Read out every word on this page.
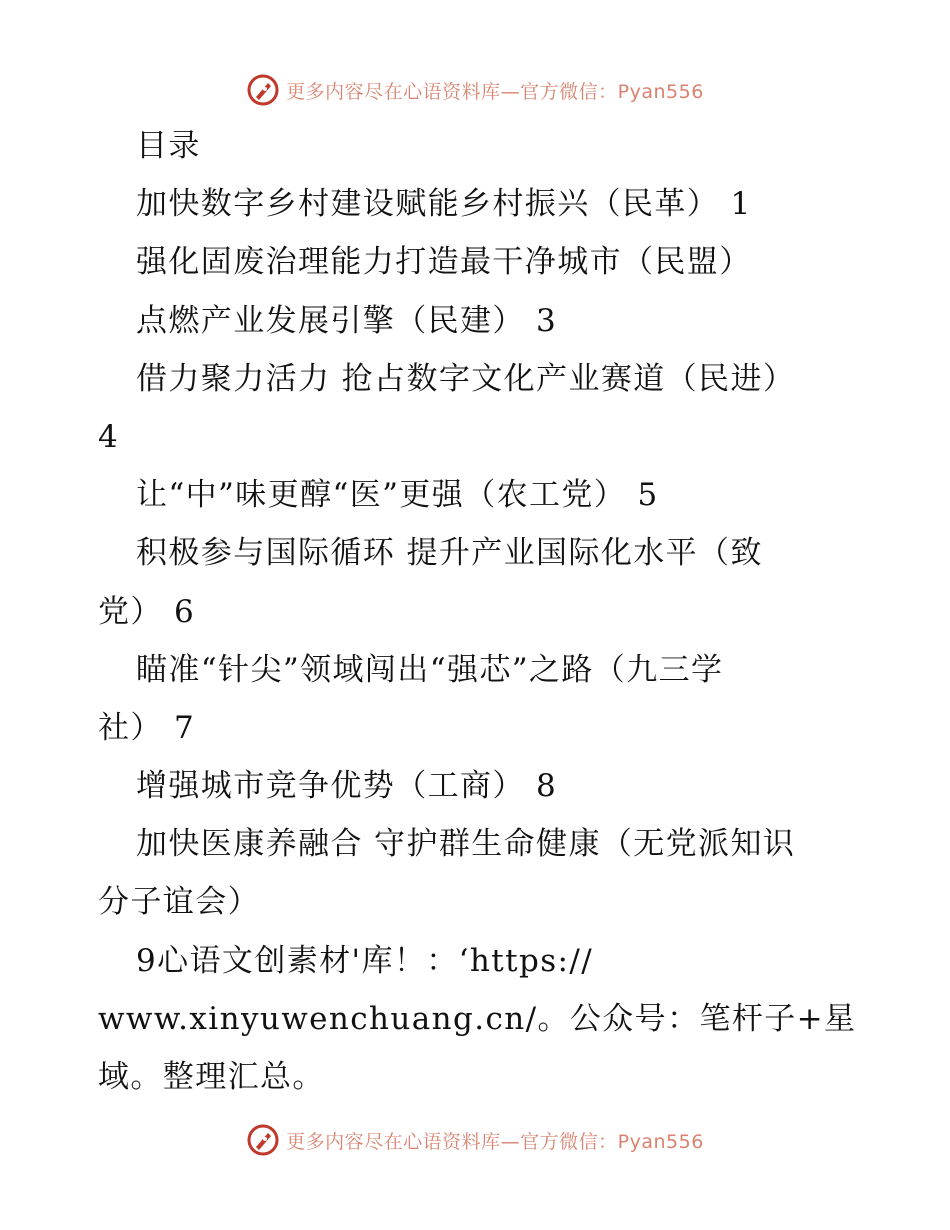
更多内容尽在心语资料库—官方微信：Pyan556
目录
加快数字乡村建设赋能乡村振兴（民革） 1
强化固废治理能力打造最干净城市（民盟）
点燃产业发展引擎（民建） 3
借力聚力活力 抢占数字文化产业赛道（民进）
4
让“中”味更醇“医”更强（农工党） 5
积极参与国际循环 提升产业国际化水平（致
党） 6
瞄准“针尖”领域闯出“强芯”之路（九三学
社） 7
增强城市竞争优势（工商） 8
加快医康养融合 守护群生命健康（无党派知识
分子谊会）
9心语文创素材'库！：‘https://
www.xinyuwenchuang.cn/。公众号：笔杆子+星
域。整理汇总。
更多内容尽在心语资料库—官方微信：Pyan556
